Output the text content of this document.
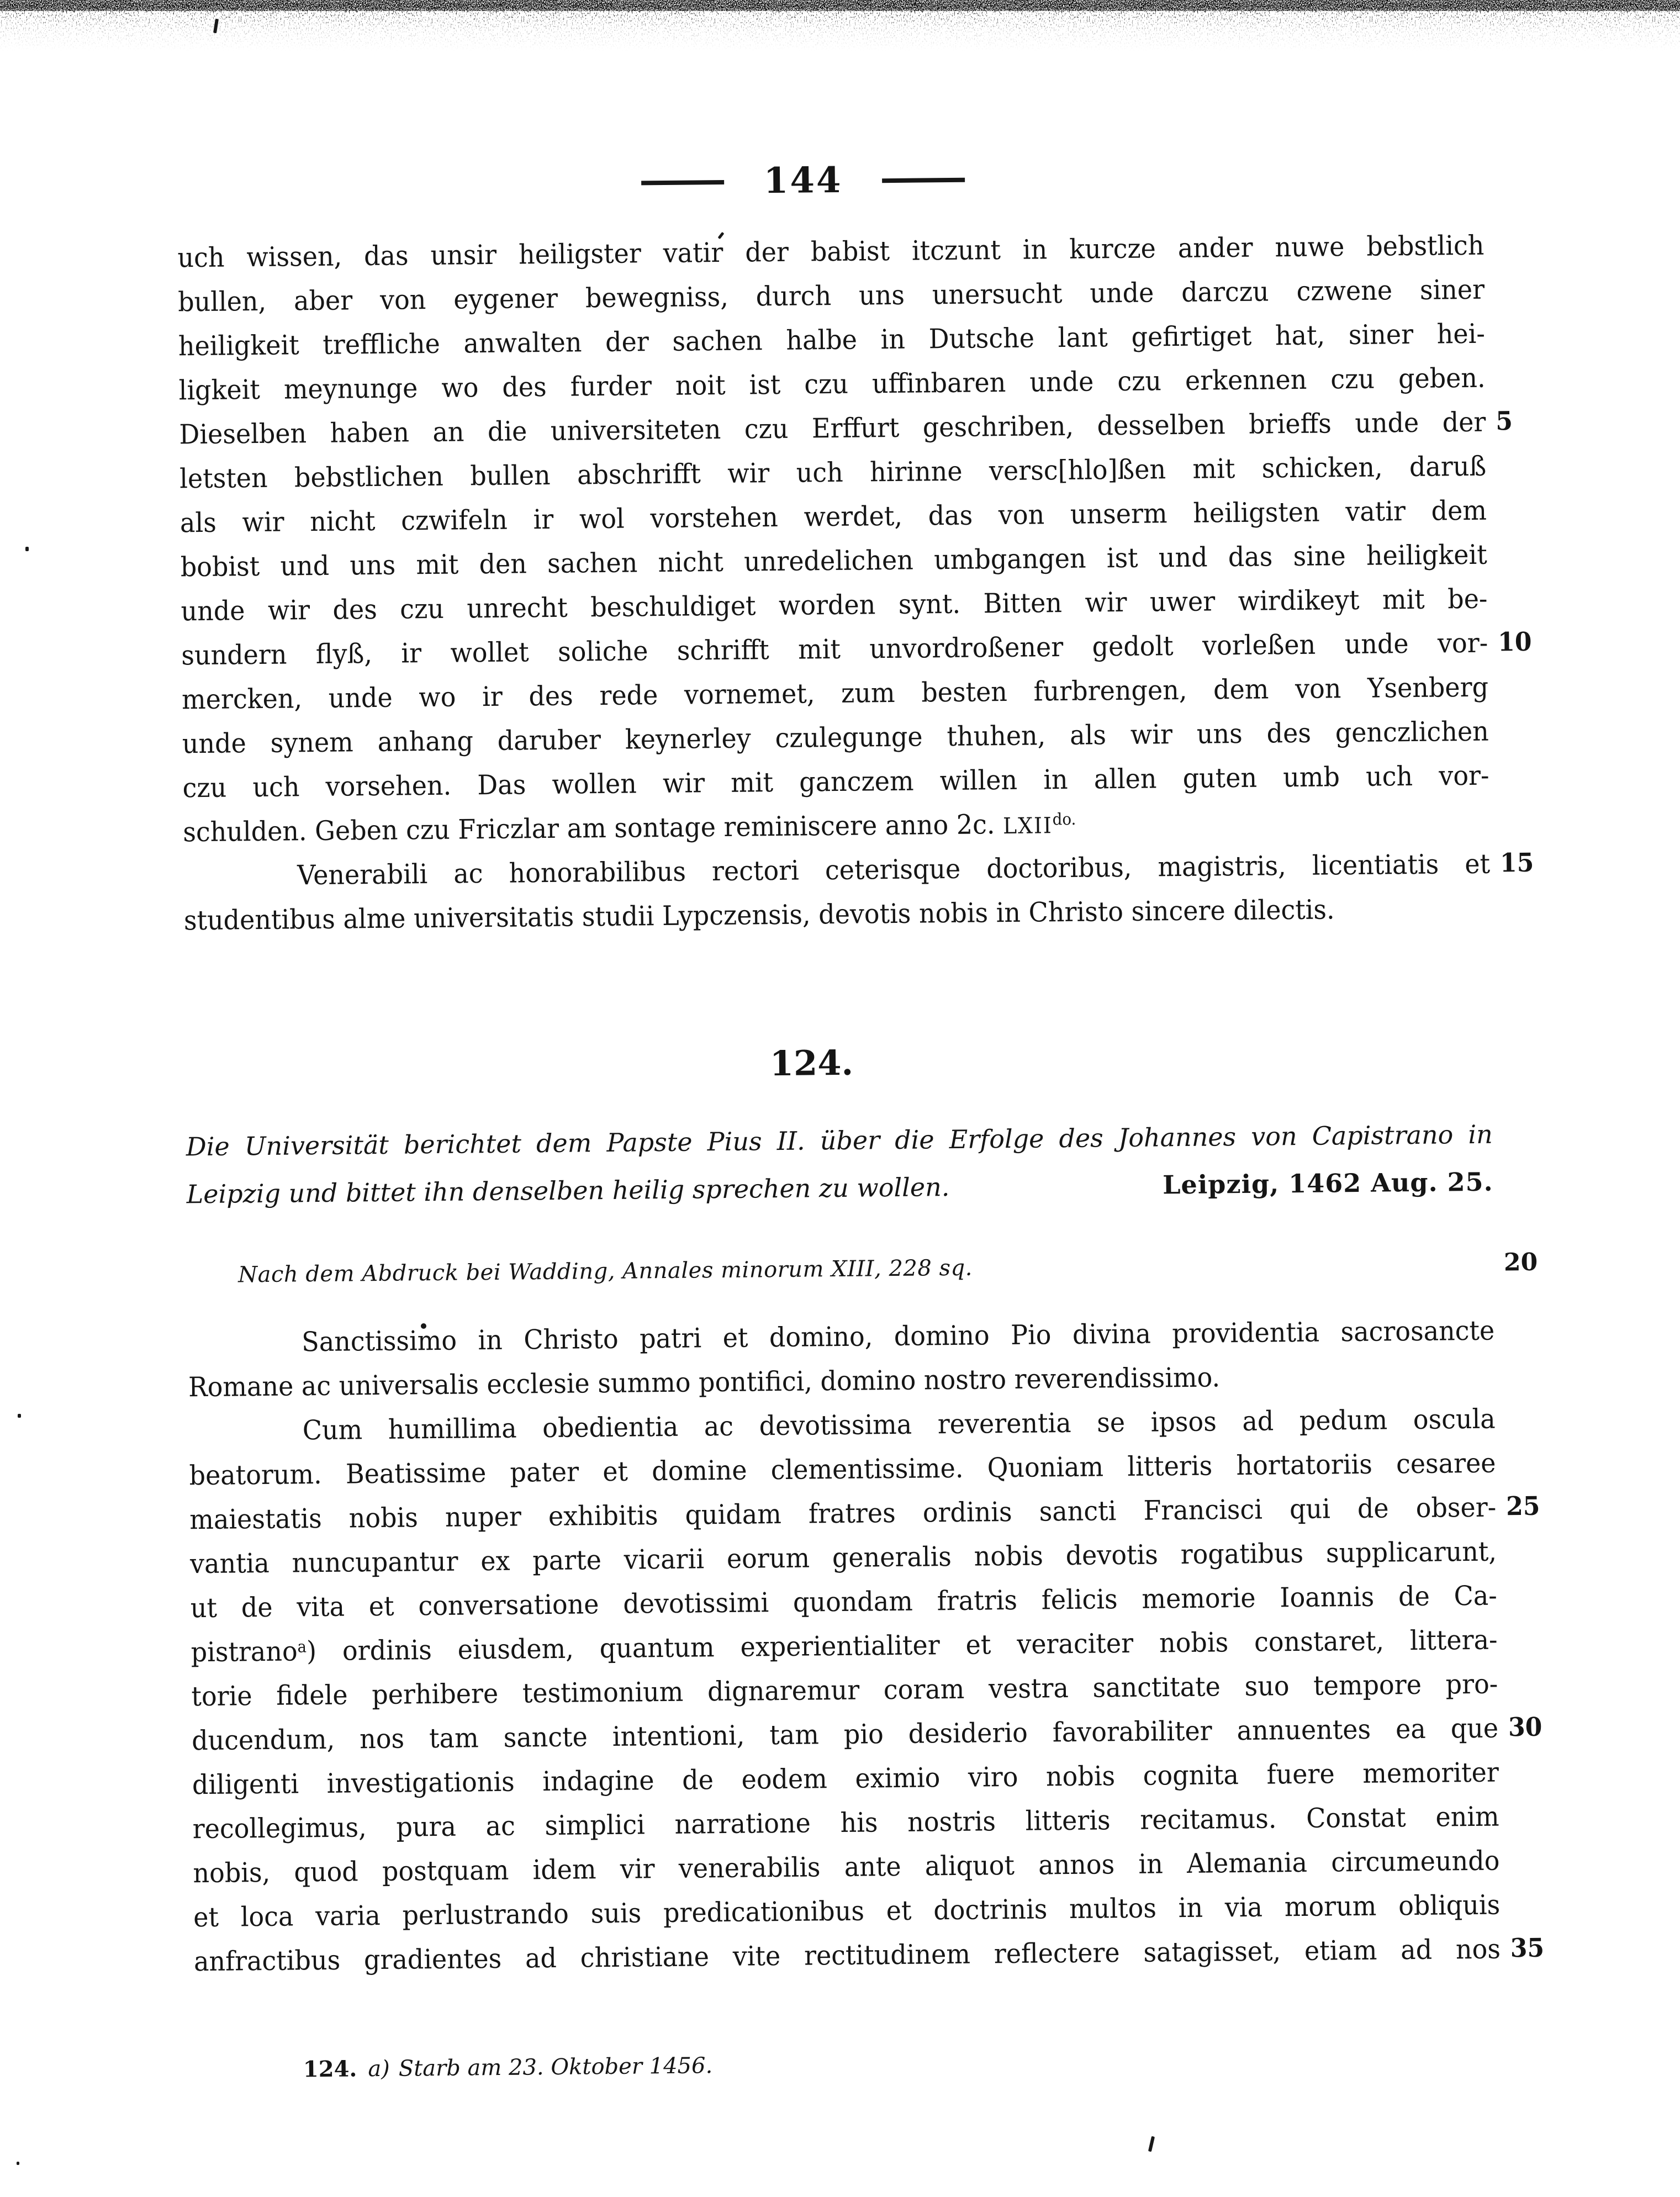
144
uch wissen, das unsir heiligster vatir der babist itczunt in kurcze ander nuwe bebstlich
bullen, aber von eygener bewegniss, durch uns unersucht unde darczu czwene siner
heiligkeit treffliche anwalten der sachen halbe in Dutsche lant gefirtiget hat, siner hei-
ligkeit meynunge wo des furder noit ist czu uffinbaren unde czu erkennen czu geben.
Dieselben haben an die universiteten czu Erffurt geschriben, desselben brieffs unde der 5
letsten bebstlichen bullen abschrifft wir uch hirinne versc[hlo]ßen mit schicken, daruß
als wir nicht czwifeln ir wol vorstehen werdet, das von unserm heiligsten vatir dem
bobist und uns mit den sachen nicht unredelichen umbgangen ist und das sine heiligkeit
unde wir des czu unrecht beschuldiget worden synt. Bitten wir uwer wirdikeyt mit be-
sundern flyß, ir wollet soliche schrifft mit unvordroßener gedolt vorleßen unde vor- 10
mercken, unde wo ir des rede vornemet, zum besten furbrengen, dem von Ysenberg
unde synem anhang daruber keynerley czulegunge thuhen, als wir uns des genczlichen
czu uch vorsehen. Das wollen wir mit ganczem willen in allen guten umb uch vor-
schulden. Geben czu Friczlar am sontage reminiscere anno 2c. $LXII^{do.}$
Venerabili ac honorabilibus rectori ceterisque doctoribus, magistris, licentiatis et 15
studentibus alme universitatis studii Lypczensis, devotis nobis in Christo sincere dilectis.
124.
Die Universität berichtet dem Papste Pius II. über die Erfolge des Johannes von Capistrano in
Leipzig und bittet ihn denselben heilig sprechen zu wollen.	Leipzig, 1462 Aug. 25.
Nach dem Abdruck bei Wadding, Annales minorum XIII, 228 sq.	20
Sanctissimo in Christo patri et domino, domino Pio divina providentia sacrosancte
Romane ac universalis ecclesie summo pontifici, domino nostro reverendissimo.
Cum humillima obedientia ac devotissima reverentia se ipsos ad pedum oscula
beatorum. Beatissime pater et domine clementissime. Quoniam litteris hortatoriis cesaree
maiestatis nobis nuper exhibitis quidam fratres ordinis sancti Francisci qui de obser- 25
vantia nuncupantur ex parte vicarii eorum generalis nobis devotis rogatibus supplicarunt,
ut de vita et conversatione devotissimi quondam fratris felicis memorie Ioannis de Ca-
pistrano$^a$) ordinis eiusdem, quantum experientialiter et veraciter nobis constaret, littera-
torie fidele perhibere testimonium dignaremur coram vestra sanctitate suo tempore pro-
ducendum, nos tam sancte intentioni, tam pio desiderio favorabiliter annuentes ea que 30
diligenti investigationis indagine de eodem eximio viro nobis cognita fuere memoriter
recollegimus, pura ac simplici narratione his nostris litteris recitamus. Constat enim
nobis, quod postquam idem vir venerabilis ante aliquot annos in Alemania circumeundo
et loca varia perlustrando suis predicationibus et doctrinis multos in via morum obliquis
anfractibus gradientes ad christiane vite rectitudinem reflectere satagisset, etiam ad nos 35
124. a) Starb am 23. Oktober 1456.
